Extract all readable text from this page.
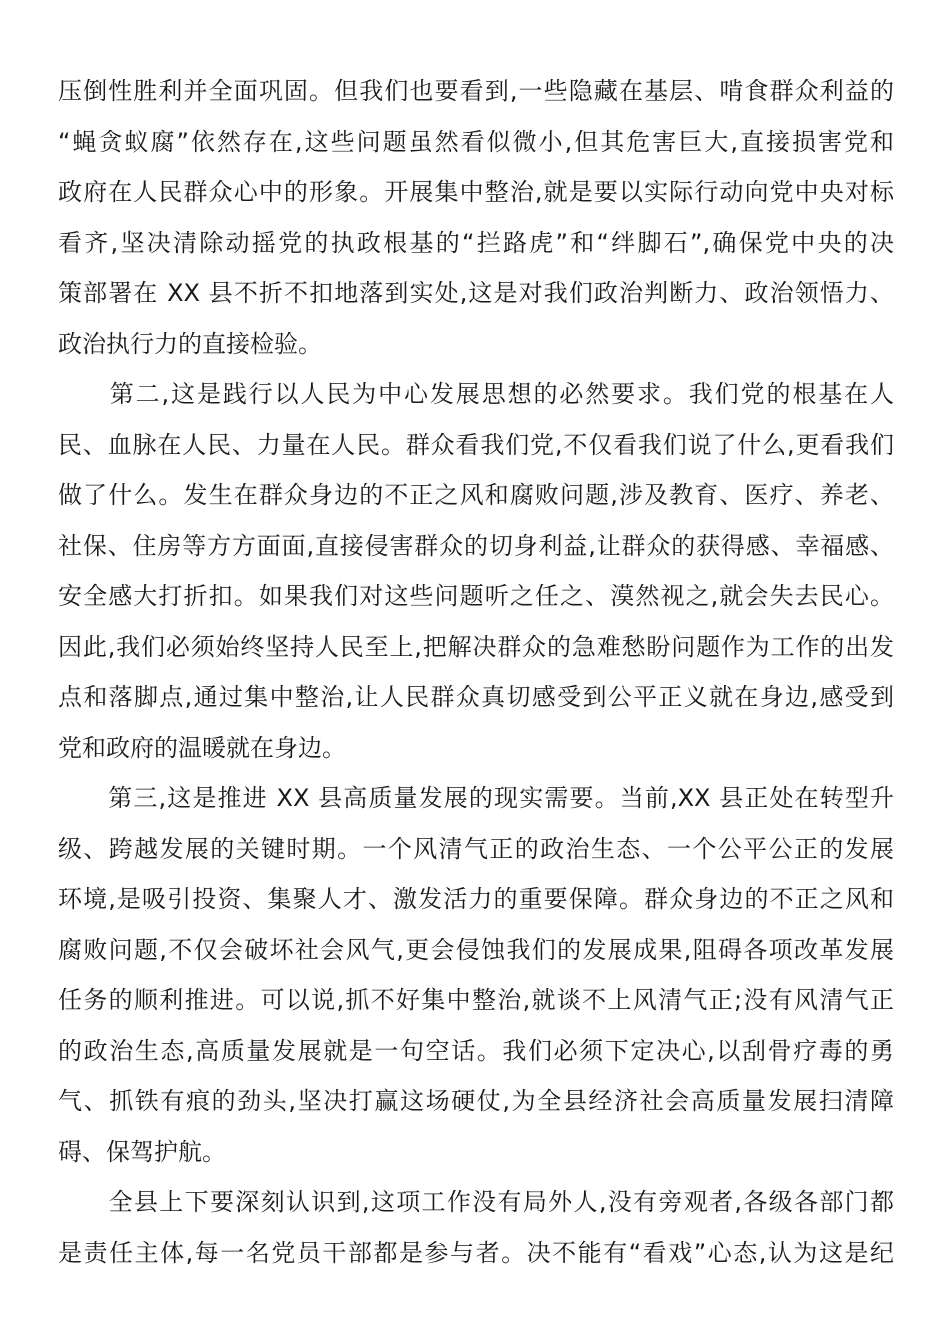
压倒性胜利并全面巩固。但我们也要看到,一些隐藏在基层、啃食群众利益的
“蝇贪蚁腐”依然存在,这些问题虽然看似微小,但其危害巨大,直接损害党和
政府在人民群众心中的形象。开展集中整治,就是要以实际行动向党中央对标
看齐,坚决清除动摇党的执政根基的“拦路虎”和“绊脚石”,确保党中央的决
策部署在 XX 县不折不扣地落到实处,这是对我们政治判断力、政治领悟力、
政治执行力的直接检验。
　　第二,这是践行以人民为中心发展思想的必然要求。我们党的根基在人
民、血脉在人民、力量在人民。群众看我们党,不仅看我们说了什么,更看我们
做了什么。发生在群众身边的不正之风和腐败问题,涉及教育、医疗、养老、
社保、住房等方方面面,直接侵害群众的切身利益,让群众的获得感、幸福感、
安全感大打折扣。如果我们对这些问题听之任之、漠然视之,就会失去民心。
因此,我们必须始终坚持人民至上,把解决群众的急难愁盼问题作为工作的出发
点和落脚点,通过集中整治,让人民群众真切感受到公平正义就在身边,感受到
党和政府的温暖就在身边。
　　第三,这是推进 XX 县高质量发展的现实需要。当前,XX 县正处在转型升
级、跨越发展的关键时期。一个风清气正的政治生态、一个公平公正的发展
环境,是吸引投资、集聚人才、激发活力的重要保障。群众身边的不正之风和
腐败问题,不仅会破坏社会风气,更会侵蚀我们的发展成果,阻碍各项改革发展
任务的顺利推进。可以说,抓不好集中整治,就谈不上风清气正;没有风清气正
的政治生态,高质量发展就是一句空话。我们必须下定决心,以刮骨疗毒的勇
气、抓铁有痕的劲头,坚决打赢这场硬仗,为全县经济社会高质量发展扫清障
碍、保驾护航。
　　全县上下要深刻认识到,这项工作没有局外人,没有旁观者,各级各部门都
是责任主体,每一名党员干部都是参与者。决不能有“看戏”心态,认为这是纪
